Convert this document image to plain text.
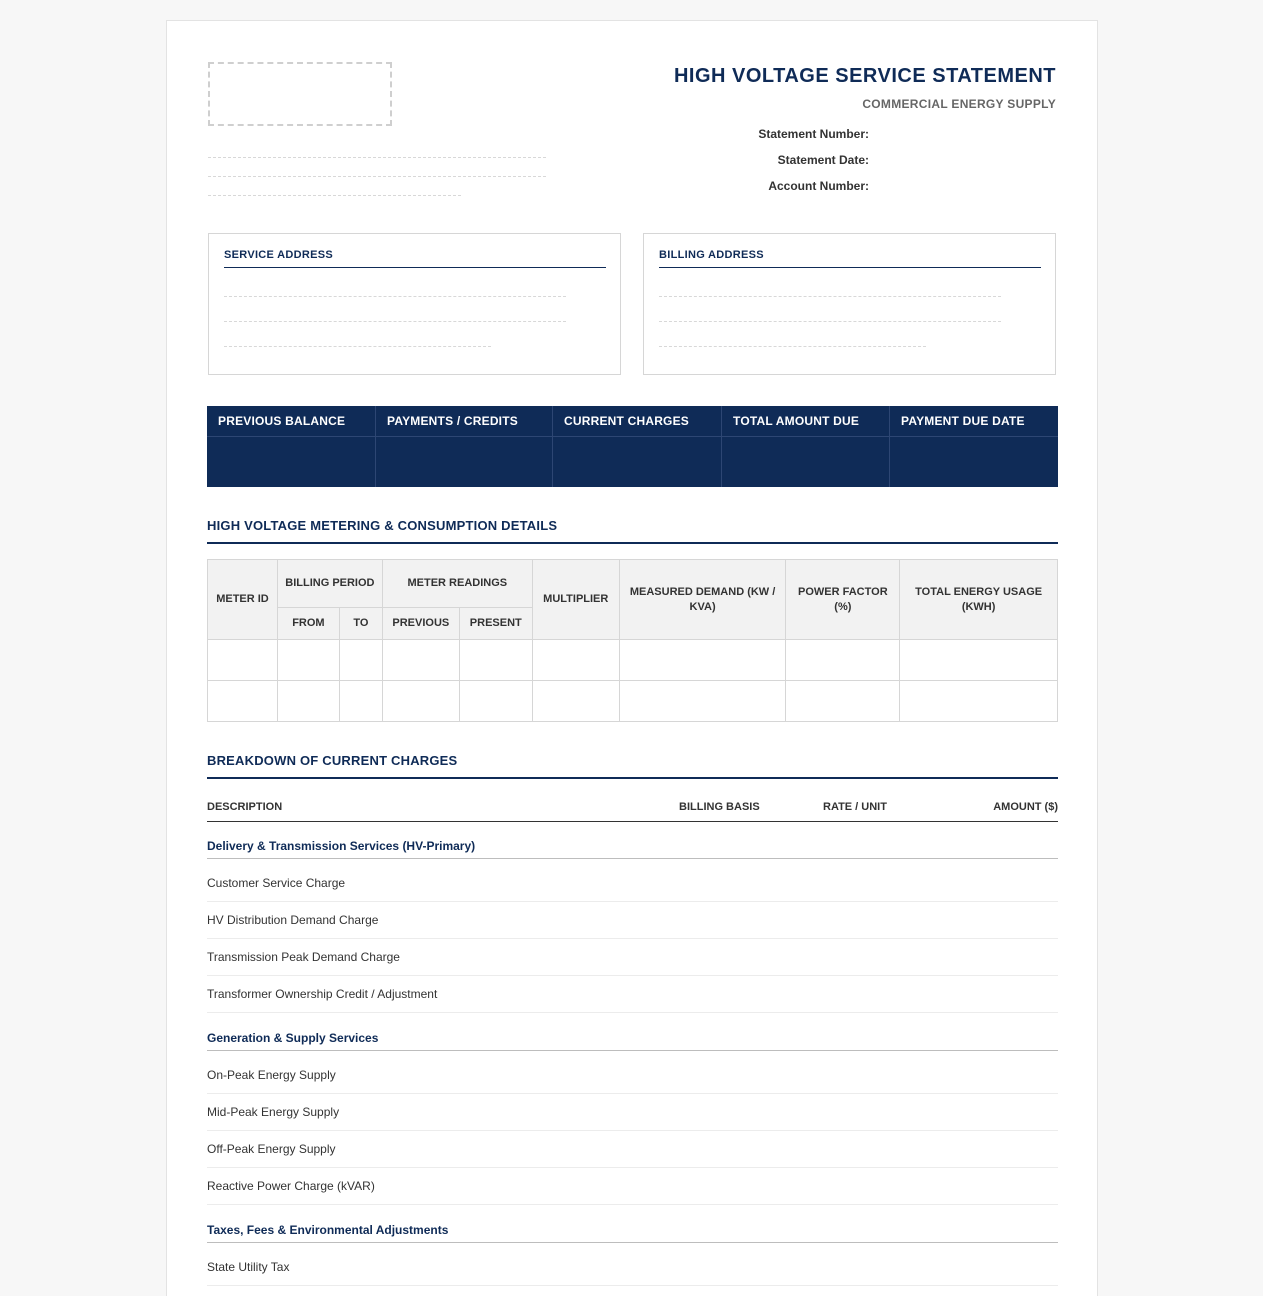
HIGH VOLTAGE SERVICE STATEMENT
COMMERCIAL ENERGY SUPPLY
Statement Number:
Statement Date:
Account Number:
SERVICE ADDRESS	BILLING ADDRESS
PREVIOUS BALANCE	PAYMENTS / CREDITS	CURRENT CHARGES	TOTAL AMOUNT DUE	PAYMENT DUE DATE
HIGH VOLTAGE METERING & CONSUMPTION DETAILS
METER ID	BILLING PERIOD		METER READINGS		MULTIPLIER	MEASURED DEMAND (KW / KVA)	POWER FACTOR (%)	TOTAL ENERGY USAGE (KWH)
	FROM	TO	PREVIOUS	PRESENT				

BREAKDOWN OF CURRENT CHARGES
DESCRIPTION	BILLING BASIS	RATE / UNIT	AMOUNT ($)
Delivery & Transmission Services (HV-Primary)
Customer Service Charge
HV Distribution Demand Charge
Transmission Peak Demand Charge
Transformer Ownership Credit / Adjustment
Generation & Supply Services
On-Peak Energy Supply
Mid-Peak Energy Supply
Off-Peak Energy Supply
Reactive Power Charge (kVAR)
Taxes, Fees & Environmental Adjustments
State Utility Tax
